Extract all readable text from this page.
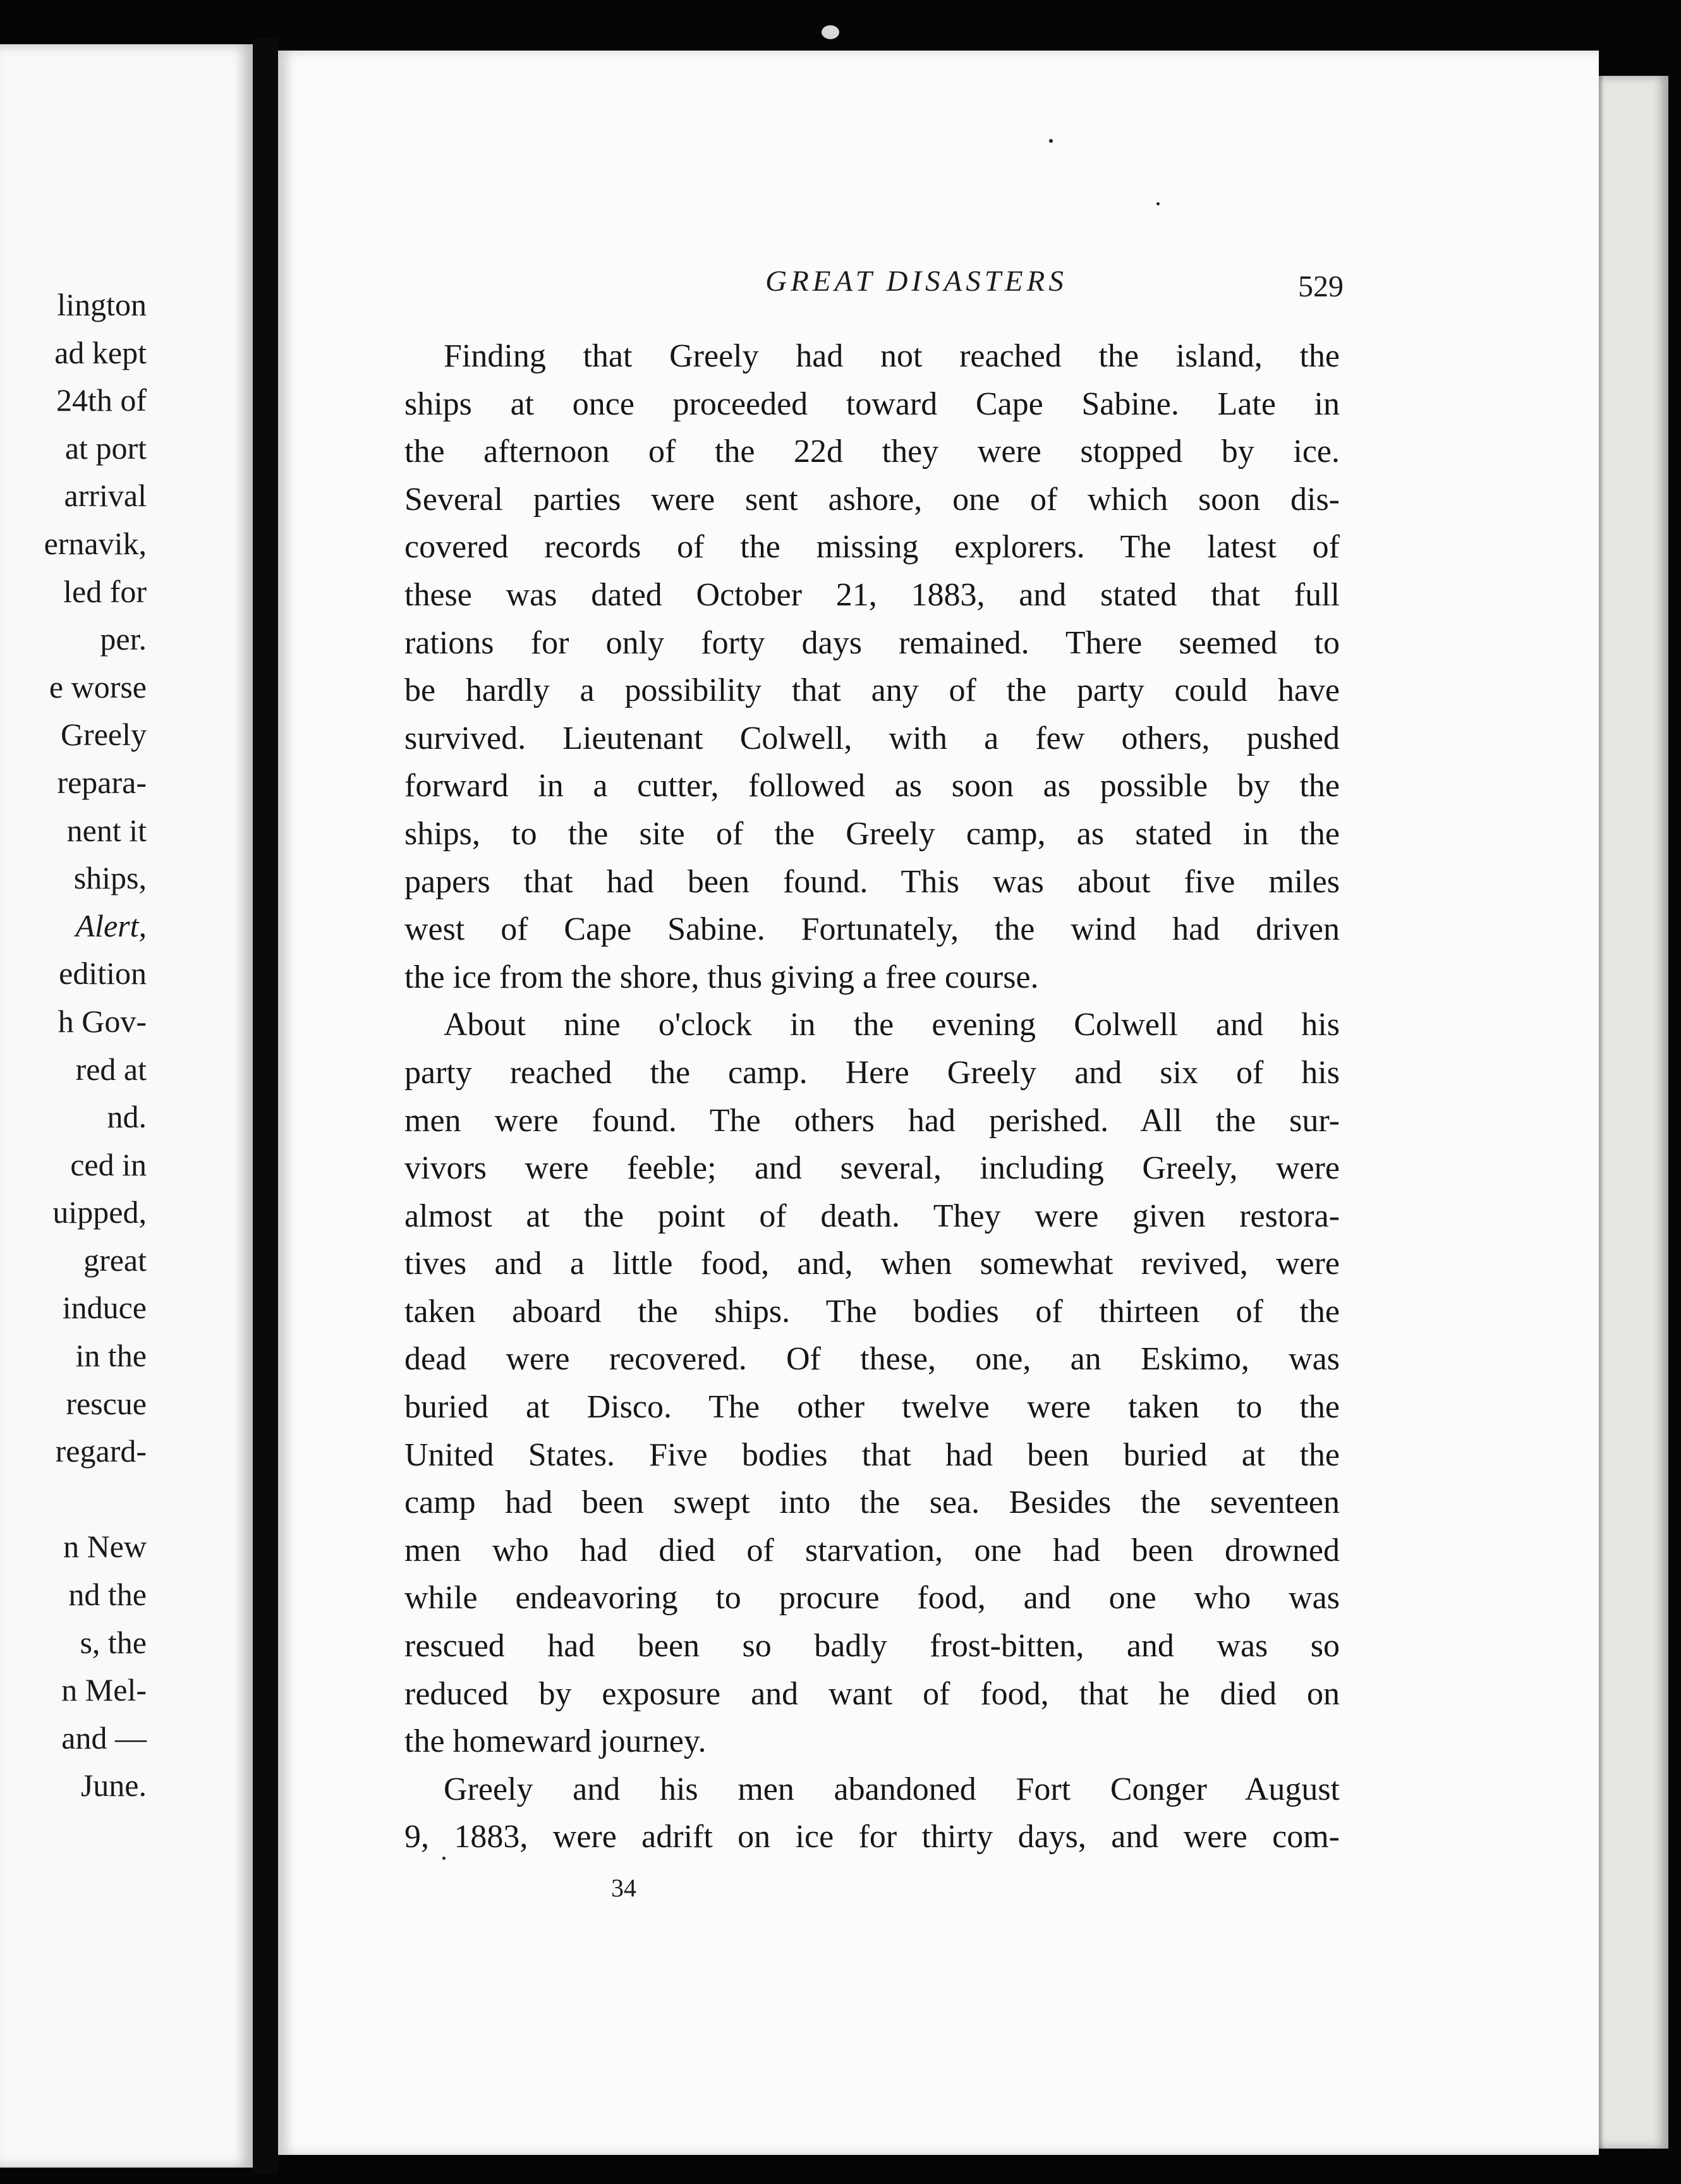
lington
ad kept
24th of
at port
arrival
ernavik,
led for
per.
e worse
Greely
repara-
nent it
ships,
Alert,
edition
h Gov-
red at
nd.
ced in
uipped,
great
induce
in the
rescue
regard-
n New
nd the
s, the
n Mel-
and —
June.
GREAT DISASTERS	529
Finding that Greely had not reached the island, the
ships at once proceeded toward Cape Sabine. Late in
the afternoon of the 22d they were stopped by ice.
Several parties were sent ashore, one of which soon dis-
covered records of the missing explorers. The latest of
these was dated October 21, 1883, and stated that full
rations for only forty days remained. There seemed to
be hardly a possibility that any of the party could have
survived. Lieutenant Colwell, with a few others, pushed
forward in a cutter, followed as soon as possible by the
ships, to the site of the Greely camp, as stated in the
papers that had been found. This was about five miles
west of Cape Sabine. Fortunately, the wind had driven
the ice from the shore, thus giving a free course.
About nine o'clock in the evening Colwell and his
party reached the camp. Here Greely and six of his
men were found. The others had perished. All the sur-
vivors were feeble; and several, including Greely, were
almost at the point of death. They were given restora-
tives and a little food, and, when somewhat revived, were
taken aboard the ships. The bodies of thirteen of the
dead were recovered. Of these, one, an Eskimo, was
buried at Disco. The other twelve were taken to the
United States. Five bodies that had been buried at the
camp had been swept into the sea. Besides the seventeen
men who had died of starvation, one had been drowned
while endeavoring to procure food, and one who was
rescued had been so badly frost-bitten, and was so
reduced by exposure and want of food, that he died on
the homeward journey.
Greely and his men abandoned Fort Conger August
9, 1883, were adrift on ice for thirty days, and were com-
34
